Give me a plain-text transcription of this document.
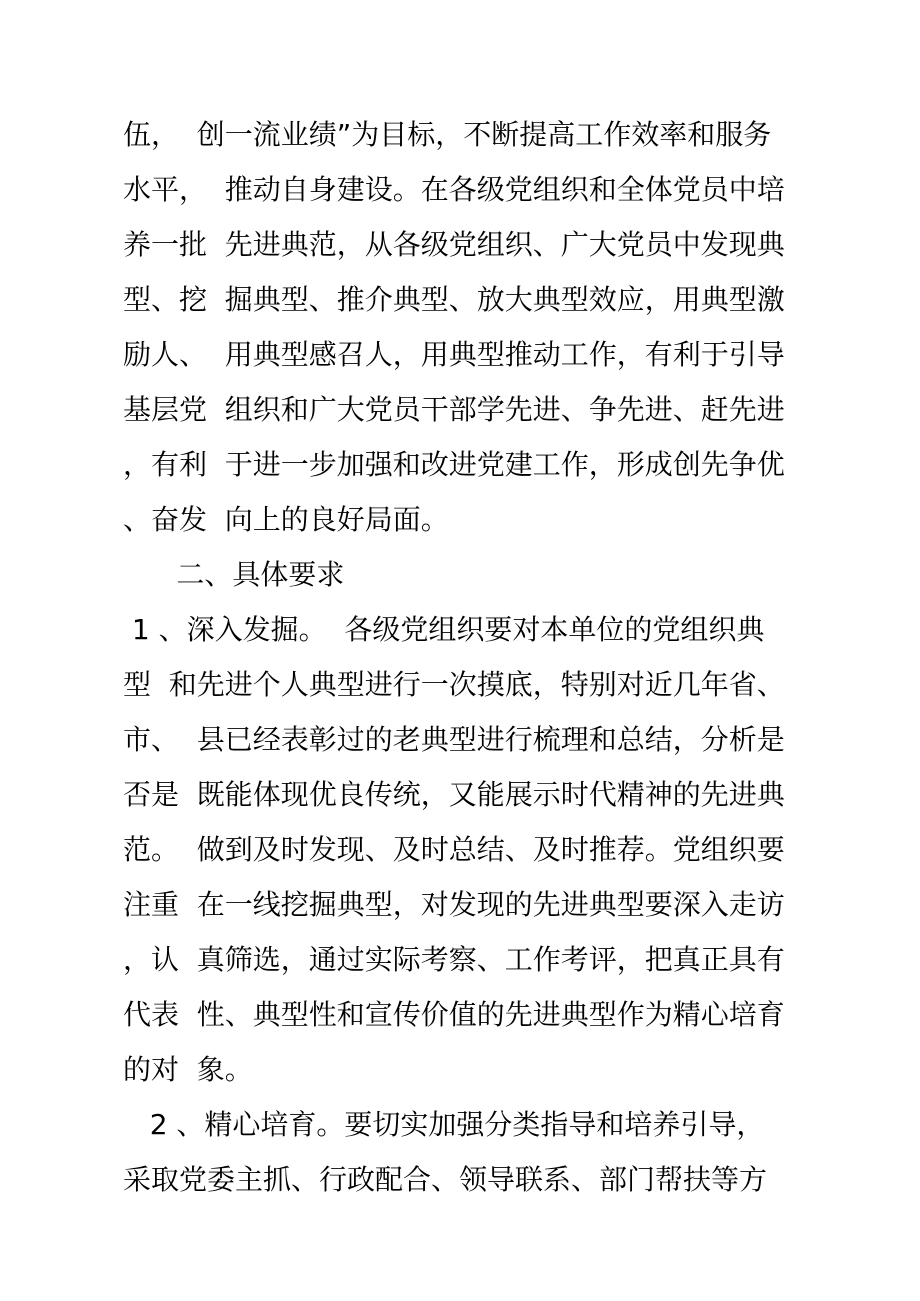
伍，  创一流业绩”为目标，不断提高工作效率和服务
水平，  推动自身建设。在各级党组织和全体党员中培
养一批  先进典范，从各级党组织、广大党员中发现典
型、挖  掘典型、推介典型、放大典型效应，用典型激
励人、  用典型感召人，用典型推动工作，有利于引导
基层党  组织和广大党员干部学先进、争先进、赶先进
，有利  于进一步加强和改进党建工作，形成创先争优
、奋发  向上的良好局面。
二、具体要求
1 、深入发掘。  各级党组织要对本单位的党组织典
型  和先进个人典型进行一次摸底，特别对近几年省、
市、  县已经表彰过的老典型进行梳理和总结，分析是
否是  既能体现优良传统，又能展示时代精神的先进典
范。  做到及时发现、及时总结、及时推荐。党组织要
注重  在一线挖掘典型，对发现的先进典型要深入走访
，认  真筛选，通过实际考察、工作考评，把真正具有
代表  性、典型性和宣传价值的先进典型作为精心培育
的对  象。
2 、精心培育。要切实加强分类指导和培养引导，
采取党委主抓、行政配合、领导联系、部门帮扶等方
